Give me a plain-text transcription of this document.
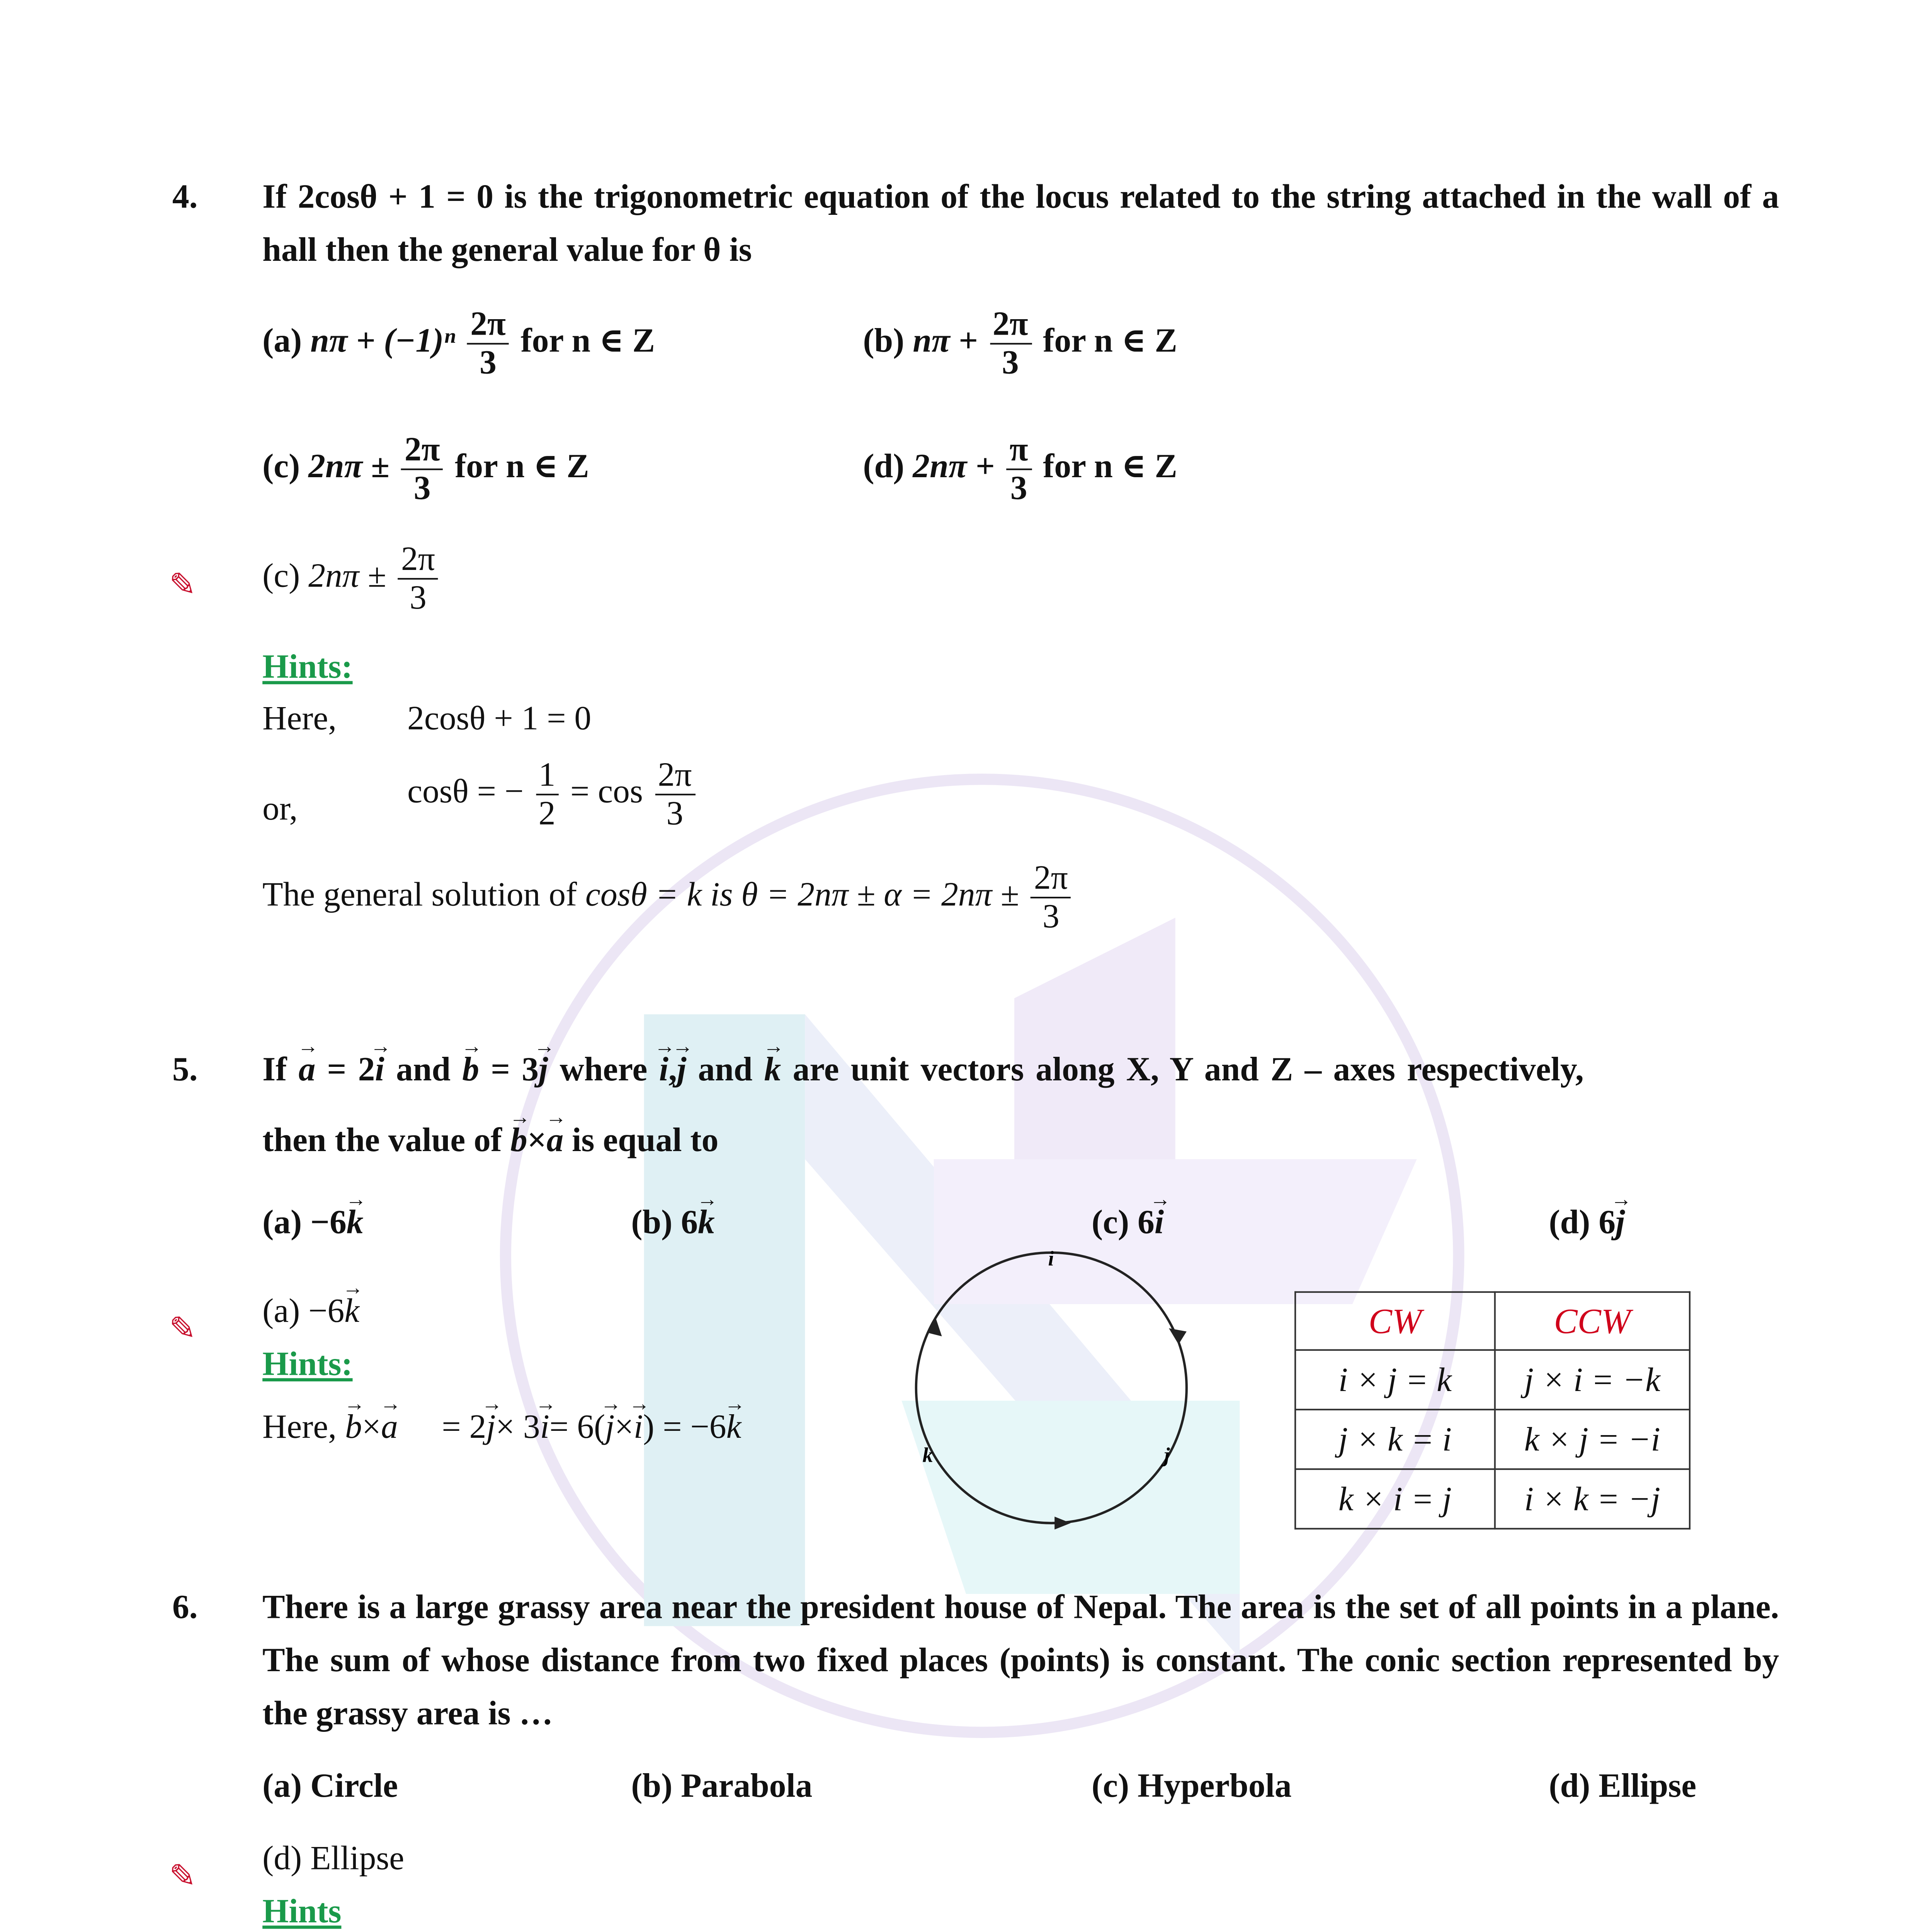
4.	If 2cosθ + 1 = 0 is the trigonometric equation of the locus related to the string attached in the wall of a hall then the general value for θ is
(a) $n\pi + (-1)^n \frac{2\pi}{3}$ for n ∈ Z	(b) $n\pi + \frac{2\pi}{3}$ for n ∈ Z
(c) $2n\pi \pm \frac{2\pi}{3}$ for n ∈ Z	(d) $2n\pi + \frac{\pi}{3}$ for n ∈ Z
✎	(c) $2n\pi \pm \frac{2\pi}{3}$
Hints:
Here,	2cosθ + 1 = 0
or,	cosθ = − $\frac{1}{2} = \cos \frac{2\pi}{3}$
The general solution of cosθ = k is $\theta = 2n\pi \pm \alpha = 2n\pi \pm \frac{2\pi}{3}$
5.	If → a = 2→ i and → b = 3→ j where → i,→ j and → k are unit vectors along X, Y and Z – axes respectively,
then the value of → b×→ a is equal to
(a) −6→ k	(b) 6→ k	(c) 6→ i	(d) 6→ j
✎	(a) −6→ k
Hints:
Here, → b×→ a	= 2→ j× 3→ i= 6(→ j×→ i) = −6→ k
i
j
k
CW	CCW
i × j = k	j × i = −k
j × k = i	k × j = −i
k × i = j	i × k = −j
6.	There is a large grassy area near the president house of Nepal. The area is the set of all points in a plane. The sum of whose distance from two fixed places (points) is constant. The conic section represented by the grassy area is …
(a) Circle	(b) Parabola	(c) Hyperbola	(d) Ellipse
✎	(d) Ellipse
Hints
